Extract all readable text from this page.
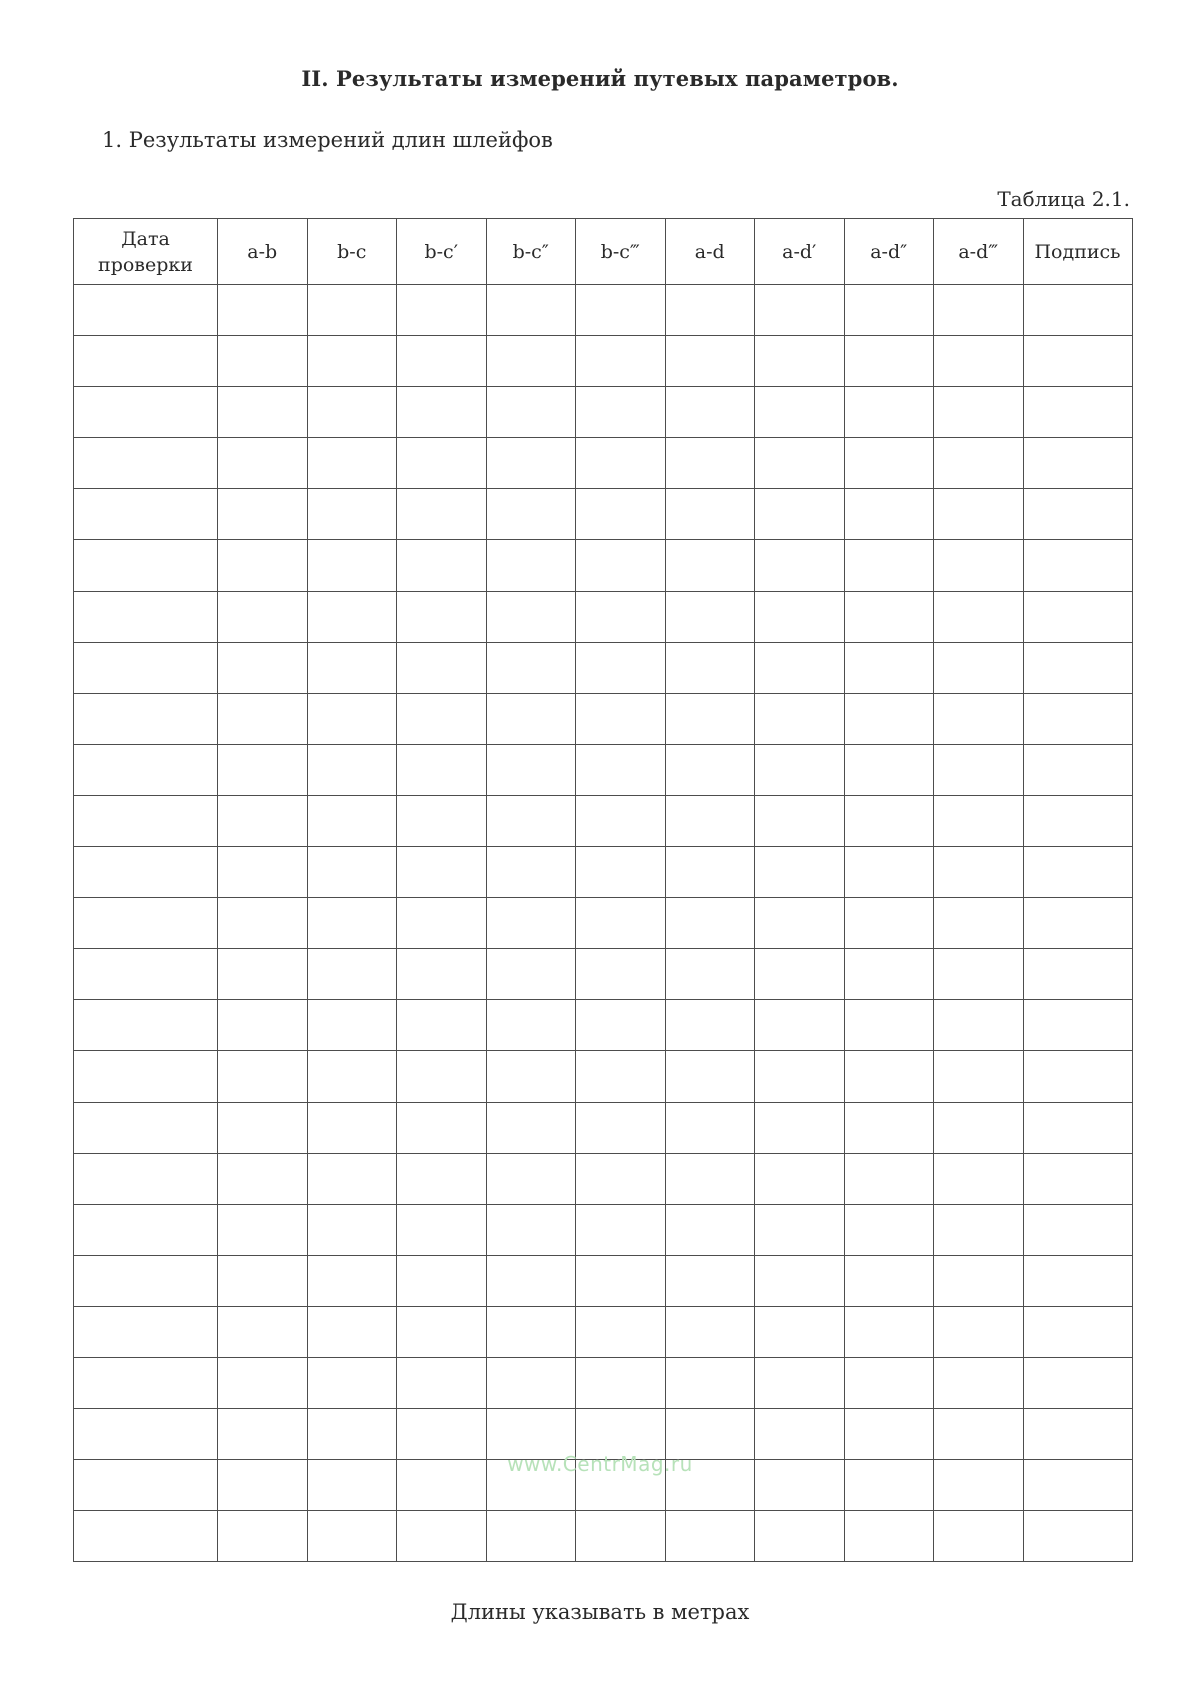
II. Результаты измерений путевых параметров.
1. Результаты измерений длин шлейфов
Таблица 2.1.
Дата проверки	a-b	b-c	b-c′	b-c″	b-c‴	a-d	a-d′	a-d″	a-d‴	Подпись

www.CentrMag.ru
Длины указывать в метрах
